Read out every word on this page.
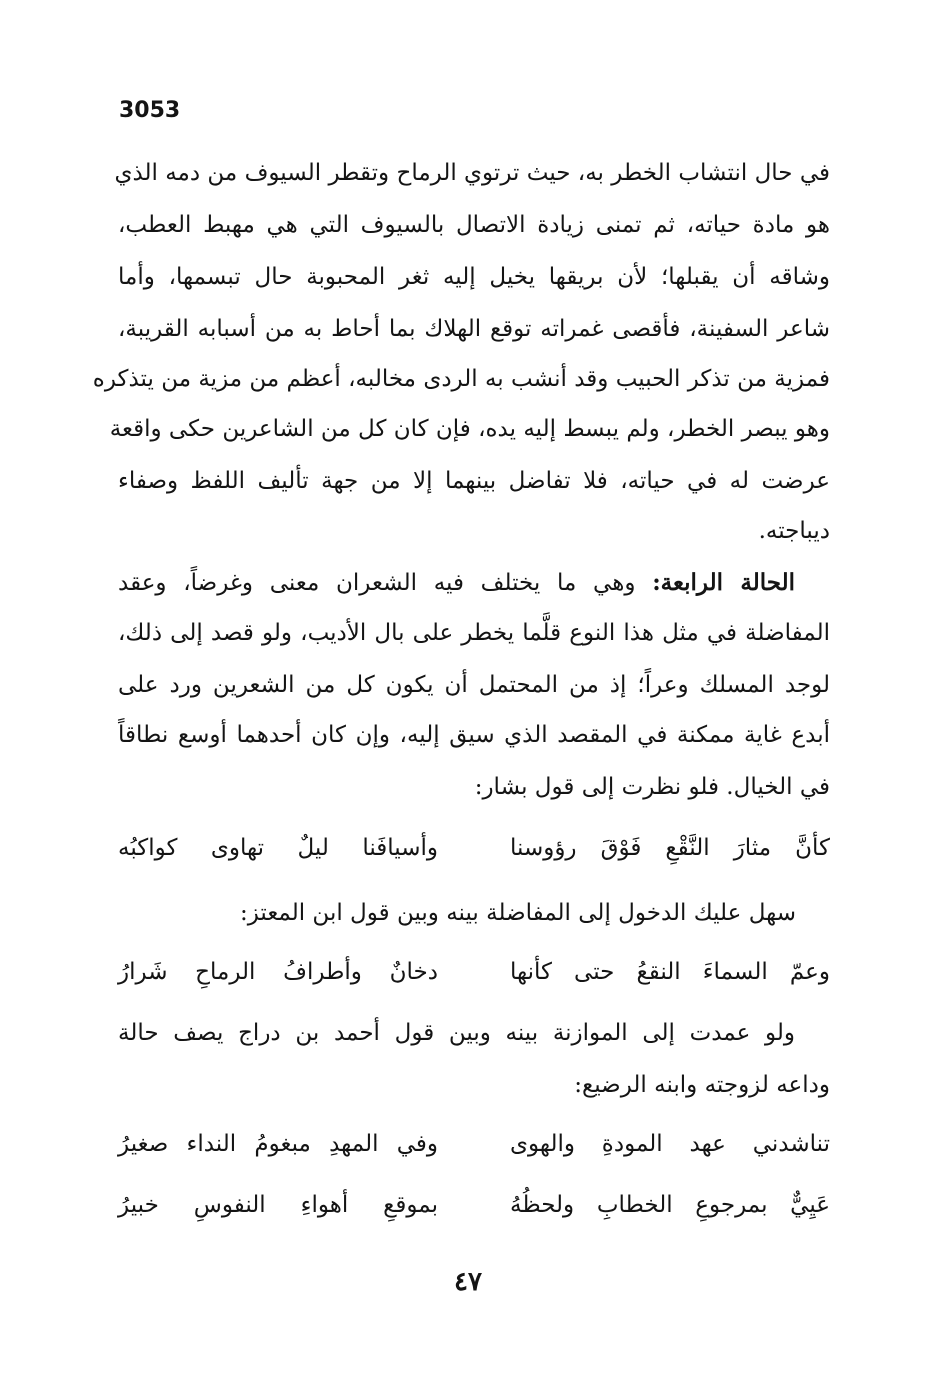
3053

في حال انتشاب الخطر به، حيث ترتوي الرماح وتقطر السيوف من دمه الذي

هو مادة حياته، ثم تمنى زيادة الاتصال بالسيوف التي هي مهبط العطب،

وشاقه أن يقبلها؛ لأن بريقها يخيل إليه ثغر المحبوبة حال تبسمها، وأما

شاعر السفينة، فأقصى غمراته توقع الهلاك بما أحاط به من أسبابه القريبة،

فمزية من تذكر الحبيب وقد أنشب به الردى مخالبه، أعظم من مزية من يتذكره

وهو يبصر الخطر، ولم يبسط إليه يده، فإن كان كل من الشاعرين حكى واقعة

عرضت له في حياته، فلا تفاضل بينهما إلا من جهة تأليف اللفظ وصفاء

ديباجته.

الحالة الرابعة: وهي ما يختلف فيه الشعران معنى وغرضاً، وعقد

المفاضلة في مثل هذا النوع قلَّما يخطر على بال الأديب، ولو قصد إلى ذلك،

لوجد المسلك وعراً؛ إذ من المحتمل أن يكون كل من الشعرين ورد على

أبدع غاية ممكنة في المقصد الذي سيق إليه، وإن كان أحدهما أوسع نطاقاً

في الخيال. فلو نظرت إلى قول بشار:

كأنَّ مثارَ النَّقْعِ فَوْقَ رؤوسنا
وأسيافَنا ليلٌ تهاوى كواكبُه

سهل عليك الدخول إلى المفاضلة بينه وبين قول ابن المعتز:

وعمّ السماءَ النقعُ حتى كأنها
دخانٌ وأطرافُ الرماحِ شَرارُ

ولو عمدت إلى الموازنة بينه وبين قول أحمد بن دراج يصف حالة

وداعه لزوجته وابنه الرضيع:

تناشدني عهد المودةِ والهوى
وفي المهدِ مبغومُ النداء صغيرُ
عَيِيٌّ بمرجوعِ الخطابِ ولحظُهُ
بموقعِ أهواءِ النفوسِ خبيرُ

٤٧
